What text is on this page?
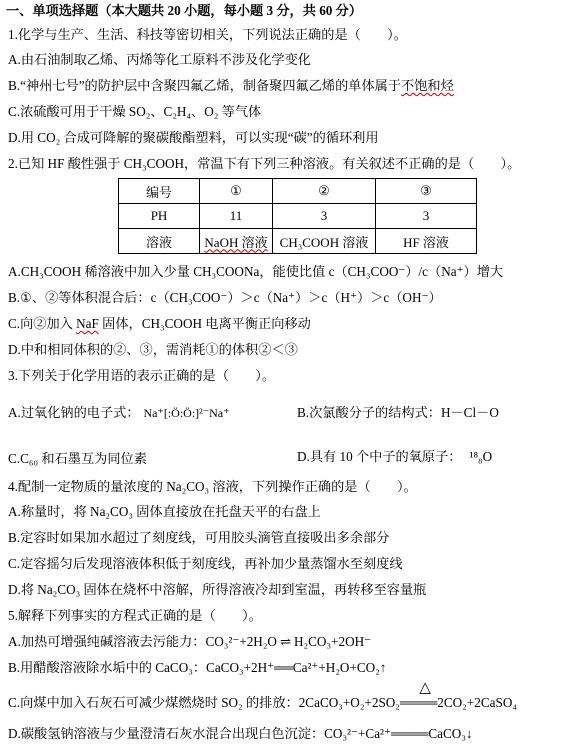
一、单项选择题（本大题共 20 小题，每小题 3 分，共 60 分）
1.化学与生产、生活、科技等密切相关，下列说法正确的是（　　）。
A.由石油制取乙烯、丙烯等化工原料不涉及化学变化
B.“神州七号”的防护层中含聚四氟乙烯，制备聚四氟乙烯的单体属于不饱和烃
C.浓硫酸可用于干燥 SO₂、C₂H₄、O₂ 等气体
D.用 CO₂ 合成可降解的聚碳酸酯塑料，可以实现“碳”的循环利用
2.已知 HF 酸性强于 CH₃COOH，常温下有下列三种溶液。有关叙述不正确的是（　　）。
编号	①	②	③
PH	11	3	3
溶液	NaOH 溶液	CH₃COOH 溶液	HF 溶液
A.CH₃COOH 稀溶液中加入少量 CH₃COONa，能使比值 c（CH₃COO⁻）/c（Na⁺）增大
B.①、②等体积混合后：c（CH₃COO⁻）＞c（Na⁺）＞c（H⁺）＞c（OH⁻）
C.向②加入 NaF 固体，CH₃COOH 电离平衡正向移动
D.中和相同体积的②、③，需消耗①的体积②＜③
3.下列关于化学用语的表示正确的是（　　）。
A.过氧化钠的电子式： Na⁺[:Ö:Ö:]²⁻Na⁺	B.次氯酸分子的结构式：H－Cl－O
C.C₆₀ 和石墨互为同位素	D.具有 10 个中子的氧原子： ¹⁸₈O
4.配制一定物质的量浓度的 Na₂CO₃ 溶液，下列操作正确的是（　　）。
A.称量时，将 Na₂CO₃ 固体直接放在托盘天平的右盘上
B.定容时如果加水超过了刻度线，可用胶头滴管直接吸出多余部分
C.定容摇匀后发现溶液体积低于刻度线，再补加少量蒸馏水至刻度线
D.将 Na₂CO₃ 固体在烧杯中溶解，所得溶液冷却到室温，再转移至容量瓶
5.解释下列事实的方程式正确的是（　　）。
A.加热可增强纯碱溶液去污能力：CO₃²⁻+2H₂O ⇌ H₂CO₃+2OH⁻
B.用醋酸溶液除水垢中的 CaCO₃：CaCO₃+2H⁺══Ca²⁺+H₂O+CO₂↑
C.向煤中加入石灰石可减少煤燃烧时 SO₂ 的排放：2CaCO₃+O₂+2SO₂
△
════2CO₂+2CaSO₄
D.碳酸氢钠溶液与少量澄清石灰水混合出现白色沉淀：CO₃²⁻+Ca²⁺════CaCO₃↓
